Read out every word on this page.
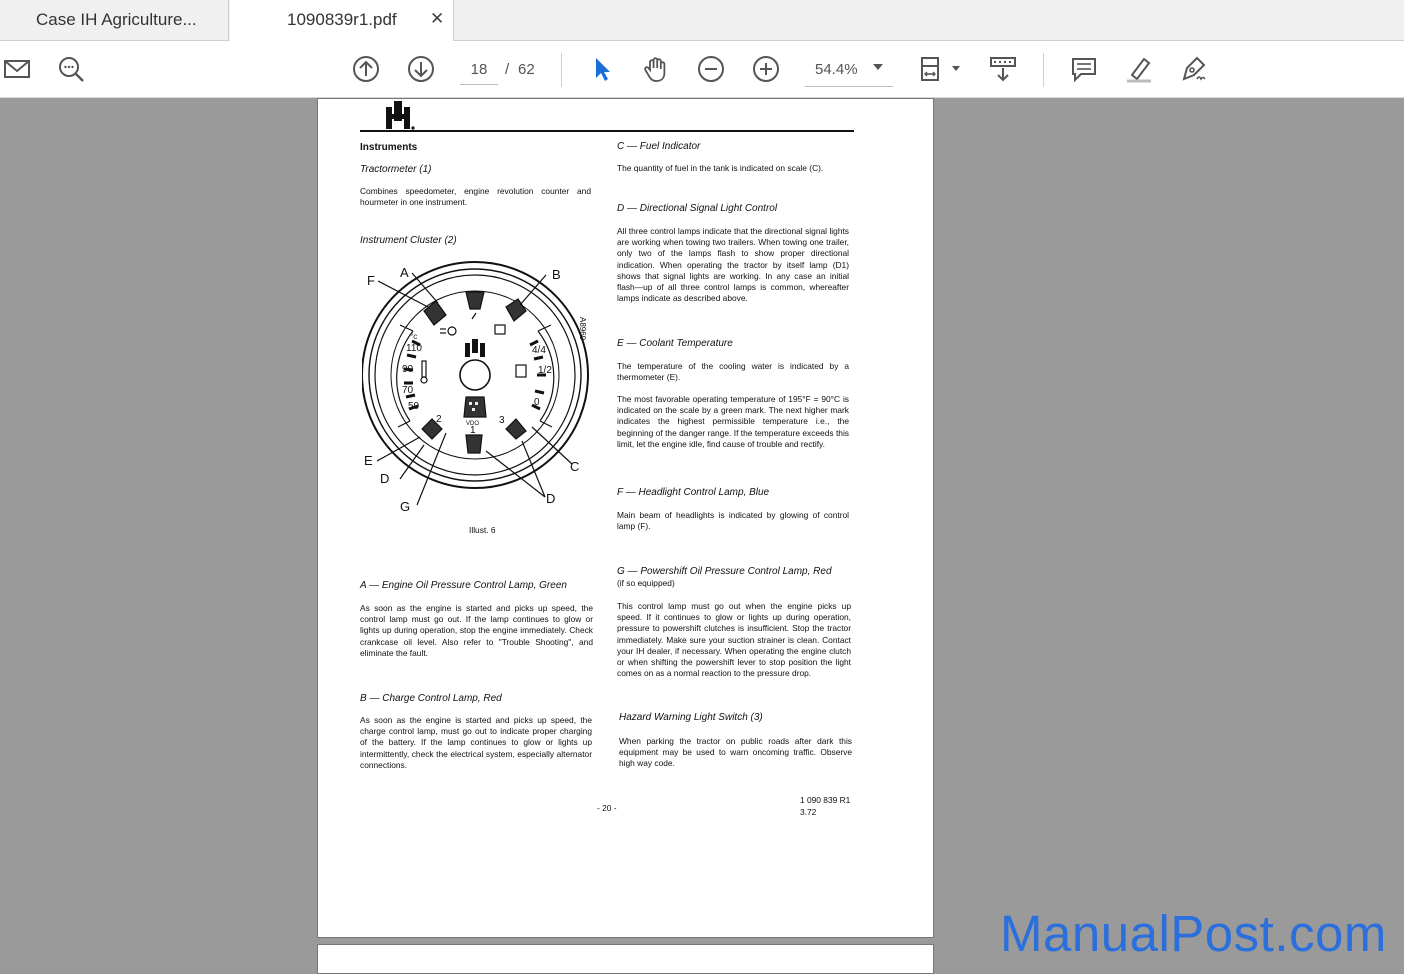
Case IH Agriculture...	1090839r1.pdf	✕
18
/ 62	54.4%
Instruments
Tractormeter (1)
Combines speedometer, engine revolution counter and hourmeter in one instrument.
Instrument Cluster (2)
F
A	B
E
D
G
C
D
°c
110
90
70
50
4/4
1/2
0
2
1
3
VDO
A8969
Illust. 6
A — Engine Oil Pressure Control Lamp, Green
As soon as the engine is started and picks up speed, the control lamp must go out. If the lamp continues to glow or lights up during operation, stop the engine immediately. Check crankcase oil level. Also refer to "Trouble Shooting", and eliminate the fault.
B — Charge Control Lamp, Red
As soon as the engine is started and picks up speed, the charge control lamp, must go out to indicate proper charging of the battery. If the lamp continues to glow or lights up intermittently, check the electrical system, especially alternator connections.
C — Fuel Indicator
The quantity of fuel in the tank is indicated on scale (C).
D — Directional Signal Light Control
All three control lamps indicate that the directional signal lights are working when towing two trailers. When towing one trailer, only two of the lamps flash to show proper directional indication. When operating the tractor by itself lamp (D1) shows that signal lights are working. In any case an initial flash—up of all three control lamps is common, whereafter lamps indicate as described above.
E — Coolant Temperature
The temperature of the cooling water is indicated by a thermometer (E).
The most favorable operating temperature of 195°F = 90°C is indicated on the scale by a green mark. The next higher mark indicates the highest permissible temperature i.e., the beginning of the danger range. If the temperature exceeds this limit, let the engine idle, find cause of trouble and rectify.
F — Headlight Control Lamp, Blue
Main beam of headlights is indicated by glowing of control lamp (F).
G — Powershift Oil Pressure Control Lamp, Red
(if so equipped)
This control lamp must go out when the engine picks up speed. If it continues to glow or lights up during operation, pressure to powershift clutches is insufficient. Stop the tractor immediately. Make sure your suction strainer is clean. Contact your IH dealer, if necessary. When operating the engine clutch or when shifting the powershift lever to stop position the light comes on as a normal reaction to the pressure drop.
Hazard Warning Light Switch (3)
When parking the tractor on public roads after dark this equipment may be used to warn oncoming traffic. Observe high way code.
- 20 -
1 090 839 R1
3.72
ManualPost.com
